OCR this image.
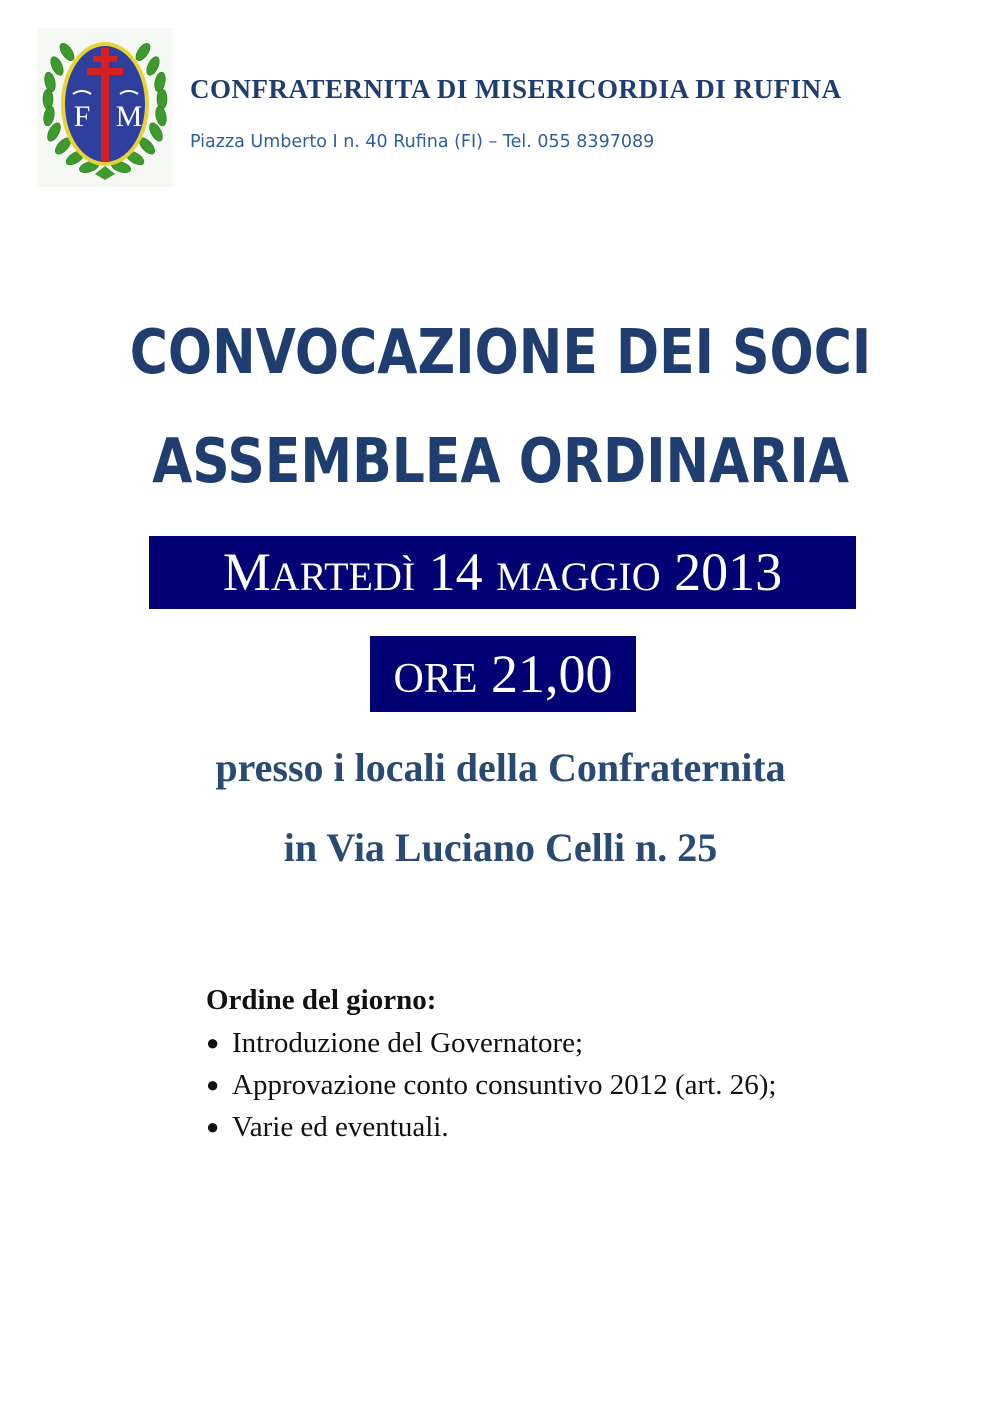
F M
CONFRATERNITA DI MISERICORDIA DI RUFINA
Piazza Umberto I n. 40 Rufina (FI) – Tel. 055 8397089
CONVOCAZIONE DEI SOCI
ASSEMBLEA ORDINARIA
MARTEDÌ 14 MAGGIO 2013
ORE 21,00
presso i locali della Confraternita
in Via Luciano Celli n. 25
Ordine del giorno:
● Introduzione del Governatore;
● Approvazione conto consuntivo 2012 (art. 26);
● Varie ed eventuali.
